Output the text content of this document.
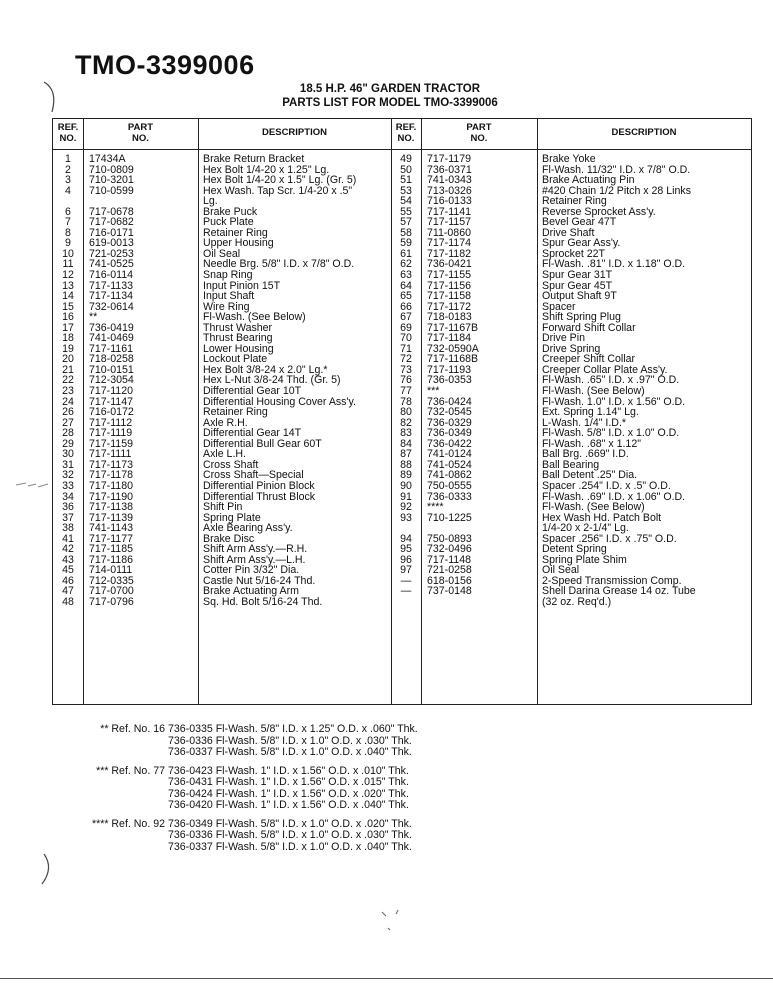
TMO-3399006
18.5 H.P. 46" GARDEN TRACTOR
PARTS LIST FOR MODEL TMO-3399006
REF.
NO.
PART
NO.
DESCRIPTION	REF.
NO.
PART
NO.
DESCRIPTION
1	17434A	Brake Return Bracket
2	710-0809	Hex Bolt 1/4-20 x 1.25" Lg.
3	710-3201	Hex Bolt 1/4-20 x 1.5" Lg. (Gr. 5)
4	710-0599	Hex Wash. Tap Scr. 1/4-20 x .5"
Lg.
6	717-0678	Brake Puck
7	717-0682	Puck Plate
8	716-0171	Retainer Ring
9	619-0013	Upper Housing
10	721-0253	Oil Seal
11	741-0525	Needle Brg. 5/8" I.D. x 7/8" O.D.
12	716-0114	Snap Ring
13	717-1133	Input Pinion 15T
14	717-1134	Input Shaft
15	732-0614	Wire Ring
16	**	Fl-Wash. (See Below)
17	736-0419	Thrust Washer
18	741-0469	Thrust Bearing
19	717-1161	Lower Housing
20	718-0258	Lockout Plate
21	710-0151	Hex Bolt 3/8-24 x 2.0" Lg.*
22	712-3054	Hex L-Nut 3/8-24 Thd. (Gr. 5)
23	717-1120	Differential Gear 10T
24	717-1147	Differential Housing Cover Ass'y.
26	716-0172	Retainer Ring
27	717-1112	Axle R.H.
28	717-1119	Differential Gear 14T
29	717-1159	Differential Bull Gear 60T
30	717-1111	Axle L.H.
31	717-1173	Cross Shaft
32	717-1178	Cross Shaft—Special
33	717-1180	Differential Pinion Block
34	717-1190	Differential Thrust Block
36	717-1138	Shift Pin
37	717-1139	Spring Plate
38	741-1143	Axle Bearing Ass'y.
41	717-1177	Brake Disc
42	717-1185	Shift Arm Ass'y.—R.H.
43	717-1186	Shift Arm Ass'y.—L.H.
45	714-0111	Cotter Pin 3/32" Dia.
46	712-0335	Castle Nut 5/16-24 Thd.
47	717-0700	Brake Actuating Arm
48	717-0796	Sq. Hd. Bolt 5/16-24 Thd.
49	717-1179	Brake Yoke
50	736-0371	Fl-Wash. 11/32" I.D. x 7/8" O.D.
51	741-0343	Brake Actuating Pin
53	713-0326	#420 Chain 1/2 Pitch x 28 Links
54	716-0133	Retainer Ring
55	717-1141	Reverse Sprocket Ass'y.
57	717-1157	Bevel Gear 47T
58	711-0860	Drive Shaft
59	717-1174	Spur Gear Ass'y.
61	717-1182	Sprocket 22T
62	736-0421	Fl-Wash. .81" I.D. x 1.18" O.D.
63	717-1155	Spur Gear 31T
64	717-1156	Spur Gear 45T
65	717-1158	Output Shaft 9T
66	717-1172	Spacer
67	718-0183	Shift Spring Plug
69	717-1167B	Forward Shift Collar
70	717-1184	Drive Pin
71	732-0590A	Drive Spring
72	717-1168B	Creeper Shift Collar
73	717-1193	Creeper Collar Plate Ass'y.
76	736-0353	Fl-Wash. .65" I.D. x .97" O.D.
77	***	Fl-Wash. (See Below)
78	736-0424	Fl-Wash. 1.0" I.D. x 1.56" O.D.
80	732-0545	Ext. Spring 1.14" Lg.
82	736-0329	L-Wash. 1/4" I.D.*
83	736-0349	Fl-Wash. 5/8" I.D. x 1.0" O.D.
84	736-0422	Fl-Wash. .68" x 1.12"
87	741-0124	Ball Brg. .669" I.D.
88	741-0524	Ball Bearing
89	741-0862	Ball Detent .25" Dia.
90	750-0555	Spacer .254" I.D. x .5" O.D.
91	736-0333	Fl-Wash. .69" I.D. x 1.06" O.D.
92	****	Fl-Wash. (See Below)
93	710-1225	Hex Wash Hd. Patch Bolt
1/4-20 x 2-1/4" Lg.
94	750-0893	Spacer .256" I.D. x .75" O.D.
95	732-0496	Detent Spring
96	717-1148	Spring Plate Shim
97	721-0258	Oil Seal
—	618-0156	2-Speed Transmission Comp.
—	737-0148	Shell Darina Grease 14 oz. Tube
(32 oz. Req'd.)
** Ref. No. 16 736-0335 Fl-Wash. 5/8" I.D. x 1.25" O.D. x .060" Thk.
736-0336 Fl-Wash. 5/8" I.D. x 1.0" O.D. x .030" Thk.
736-0337 Fl-Wash. 5/8" I.D. x 1.0" O.D. x .040" Thk.
*** Ref. No. 77 736-0423 Fl-Wash. 1" I.D. x 1.56" O.D. x .010" Thk.
736-0431 Fl-Wash. 1" I.D. x 1.56" O.D. x .015" Thk.
736-0424 Fl-Wash. 1" I.D. x 1.56" O.D. x .020" Thk.
736-0420 Fl-Wash. 1" I.D. x 1.56" O.D. x .040" Thk.
**** Ref. No. 92 736-0349 Fl-Wash. 5/8" I.D. x 1.0" O.D. x .020" Thk.
736-0336 Fl-Wash. 5/8" I.D. x 1.0" O.D. x .030" Thk.
736-0337 Fl-Wash. 5/8" I.D. x 1.0" O.D. x .040" Thk.
